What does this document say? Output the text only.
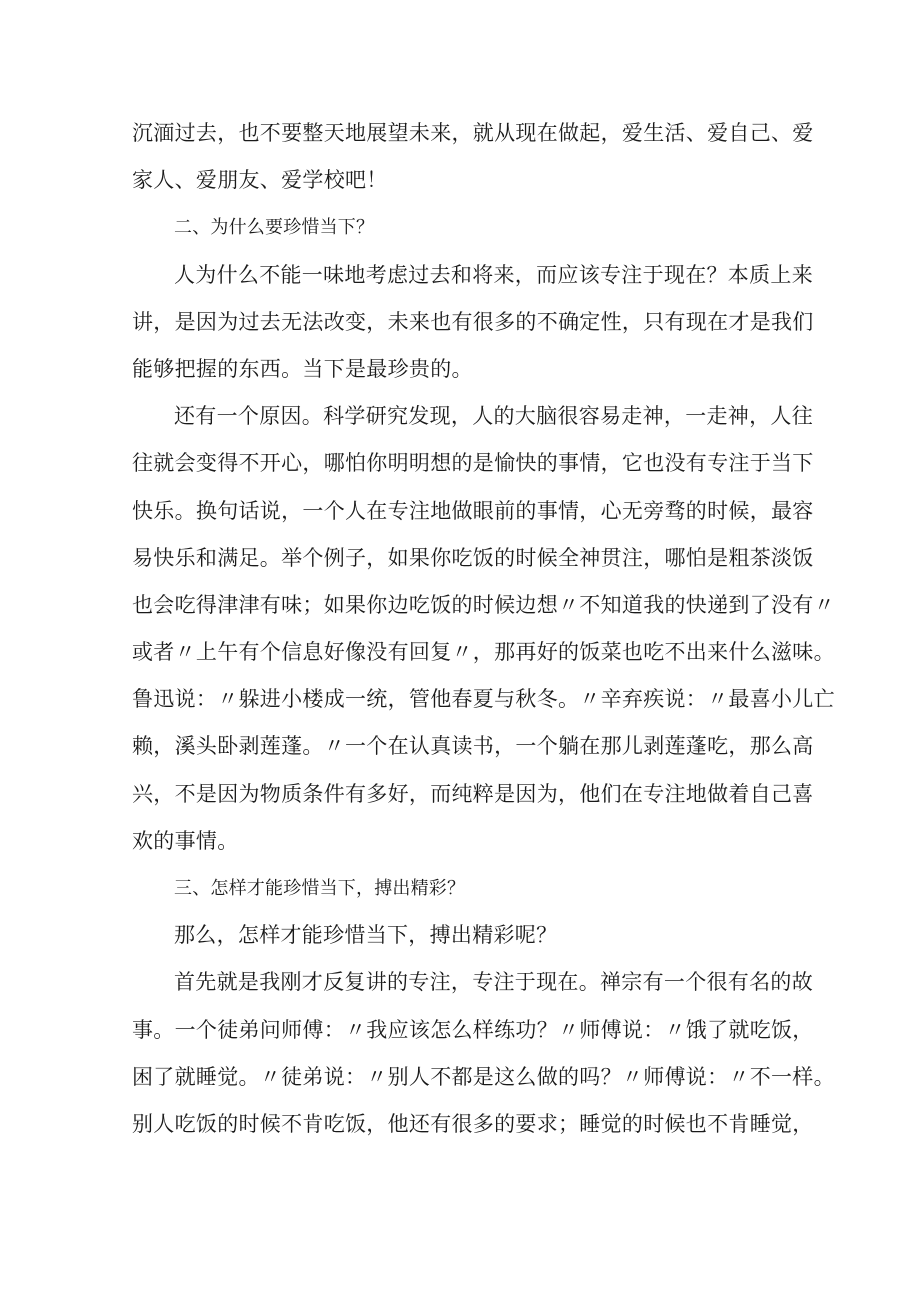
沉湎过去，也不要整天地展望未来，就从现在做起，爱生活、爱自己、爱
家人、爱朋友、爱学校吧！
二、为什么要珍惜当下？
人为什么不能一味地考虑过去和将来，而应该专注于现在？本质上来
讲，是因为过去无法改变，未来也有很多的不确定性，只有现在才是我们
能够把握的东西。当下是最珍贵的。
还有一个原因。科学研究发现，人的大脑很容易走神，一走神，人往
往就会变得不开心，哪怕你明明想的是愉快的事情，它也没有专注于当下
快乐。换句话说，一个人在专注地做眼前的事情，心无旁骛的时候，最容
易快乐和满足。举个例子，如果你吃饭的时候全神贯注，哪怕是粗茶淡饭
也会吃得津津有味；如果你边吃饭的时候边想〃不知道我的快递到了没有〃
或者〃上午有个信息好像没有回复〃，那再好的饭菜也吃不出来什么滋味。
鲁迅说：〃躲进小楼成一统，管他春夏与秋冬。〃辛弃疾说：〃最喜小儿亡
赖，溪头卧剥莲蓬。〃一个在认真读书，一个躺在那儿剥莲蓬吃，那么高
兴，不是因为物质条件有多好，而纯粹是因为，他们在专注地做着自己喜
欢的事情。
三、怎样才能珍惜当下，搏出精彩？
那么，怎样才能珍惜当下，搏出精彩呢？
首先就是我刚才反复讲的专注，专注于现在。禅宗有一个很有名的故
事。一个徒弟问师傅：〃我应该怎么样练功？〃师傅说：〃饿了就吃饭，
困了就睡觉。〃徒弟说：〃别人不都是这么做的吗？〃师傅说：〃不一样。
别人吃饭的时候不肯吃饭，他还有很多的要求；睡觉的时候也不肯睡觉，
